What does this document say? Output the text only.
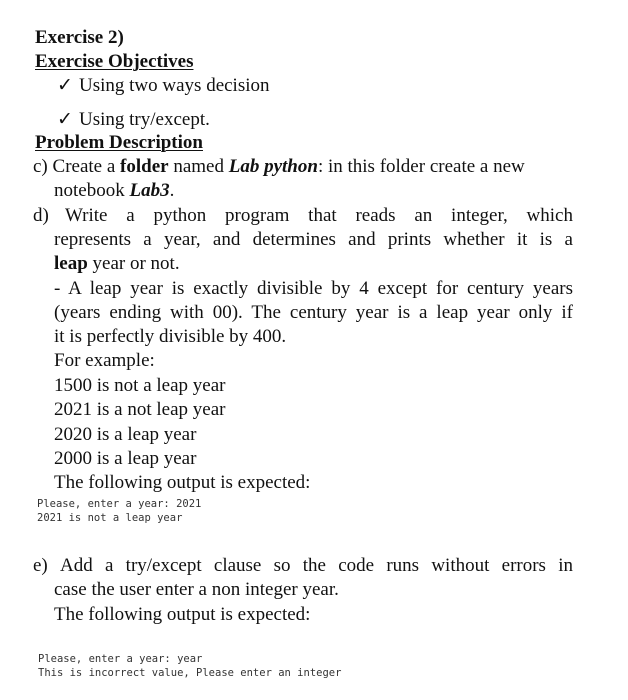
Exercise 2)
Exercise Objectives
✓ Using two ways decision
✓ Using try/except.
Problem Description
c) Create a folder named Lab python: in this folder create a new
notebook Lab3.
d) Write a python program that reads an integer, which
represents a year, and determines and prints whether it is a
leap year or not.
- A leap year is exactly divisible by 4 except for century years
(years ending with 00). The century year is a leap year only if
it is perfectly divisible by 400.
For example:
1500 is not a leap year
2021 is a not leap year
2020 is a leap year
2000 is a leap year
The following output is expected:
Please, enter a year: 2021
2021 is not a leap year
e) Add a try/except clause so the code runs without errors in
case the user enter a non integer year.
The following output is expected:
Please, enter a year: year
This is incorrect value, Please enter an integer
